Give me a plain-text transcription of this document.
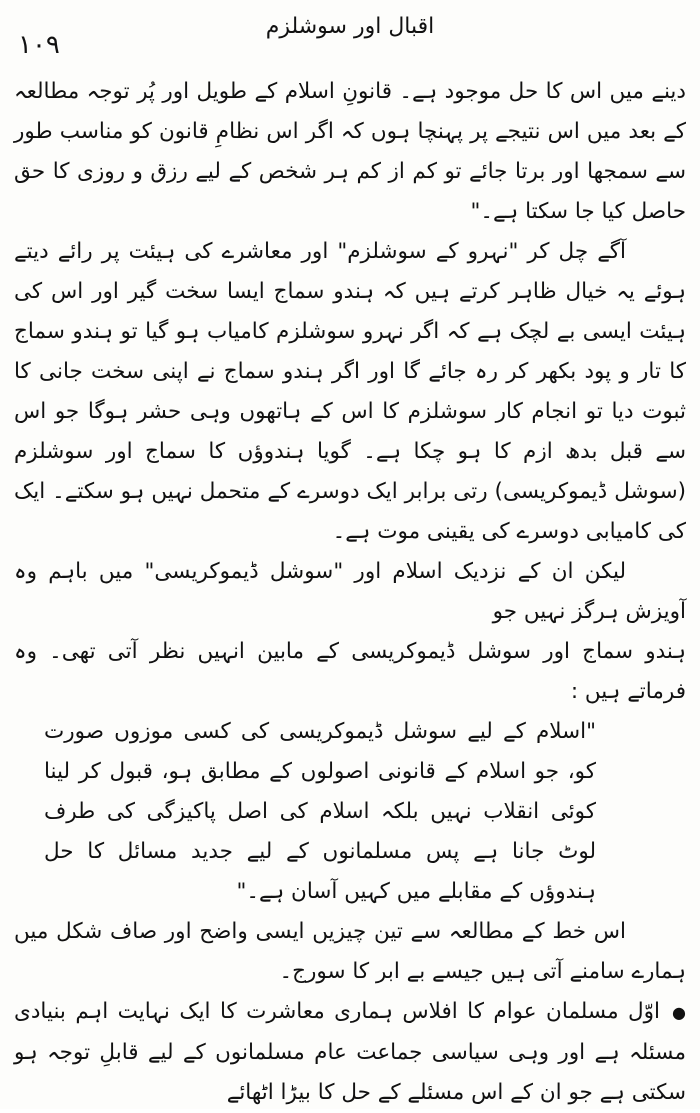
اقبال اور سوشلزم
۱۰۹

دینے میں اس کا حل موجود ہے۔ قانونِ اسلام کے طویل اور پُر توجہ مطالعہ کے بعد میں اس نتیجے پر پہنچا ہوں کہ اگر اس نظامِ قانون کو مناسب طور سے سمجھا اور برتا جائے تو کم از کم ہر شخص کے لیے رزق و روزی کا حق حاصل کیا جا سکتا ہے۔"

آگے چل کر "نہرو کے سوشلزم" اور معاشرے کی ہیئت پر رائے دیتے ہوئے یہ خیال ظاہر کرتے ہیں کہ ہندو سماج ایسا سخت گیر اور اس کی ہیئت ایسی بے لچک ہے کہ اگر نہرو سوشلزم کامیاب ہو گیا تو ہندو سماج کا تار و پود بکھر کر رہ جائے گا اور اگر ہندو سماج نے اپنی سخت جانی کا ثبوت دیا تو انجام کار سوشلزم کا اس کے ہاتھوں وہی حشر ہوگا جو اس سے قبل بدھ ازم کا ہو چکا ہے۔ گویا ہندوؤں کا سماج اور سوشلزم (سوشل ڈیموکریسی) رتی برابر ایک دوسرے کے متحمل نہیں ہو سکتے۔ ایک کی کامیابی دوسرے کی یقینی موت ہے۔

لیکن ان کے نزدیک اسلام اور "سوشل ڈیموکریسی" میں باہم وہ آویزش ہرگز نہیں جو

ہندو سماج اور سوشل ڈیموکریسی کے مابین انہیں نظر آتی تھی۔ وہ فرماتے ہیں :

"اسلام کے لیے سوشل ڈیموکریسی کی کسی موزوں صورت کو، جو اسلام کے قانونی اصولوں کے مطابق ہو، قبول کر لینا کوئی انقلاب نہیں بلکہ اسلام کی اصل پاکیزگی کی طرف لوٹ جانا ہے پس مسلمانوں کے لیے جدید مسائل کا حل ہندوؤں کے مقابلے میں کہیں آسان ہے۔"

اس خط کے مطالعہ سے تین چیزیں ایسی واضح اور صاف شکل میں ہمارے سامنے آتی ہیں جیسے بے ابر کا سورج۔

●اوّل مسلمان عوام کا افلاس ہماری معاشرت کا ایک نہایت اہم بنیادی مسئلہ ہے اور وہی سیاسی جماعت عام مسلمانوں کے لیے قابلِ توجہ ہو سکتی ہے جو ان کے اس مسئلے کے حل کا بیڑا اٹھائے
